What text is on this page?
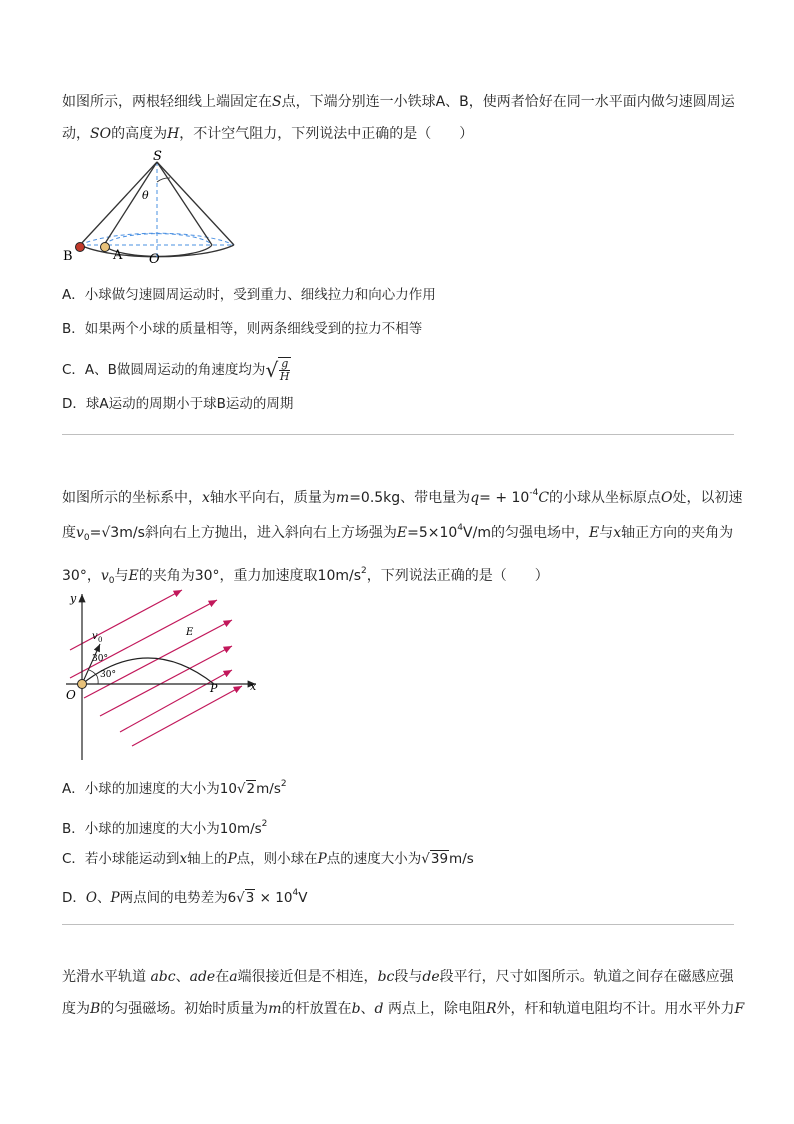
如图所示，两根轻细线上端固定在S点，下端分别连一小铁球A、B，使两者恰好在同一水平面内做匀速圆周运
动，SO的高度为H，不计空气阻力，下列说法中正确的是（　　）
S
θ
B	A O
A．小球做匀速圆周运动时，受到重力、细线拉力和向心力作用
B．如果两个小球的质量相等，则两条细线受到的拉力不相等
C．A、B做圆周运动的角速度均为√ $\frac{g}{H}$
D．球A运动的周期小于球B运动的周期
如图所示的坐标系中，x轴水平向右，质量为m=0.5kg、带电量为$q= + 10^{-4}C$的小球从坐标原点O处，以初速
度$v_0=√3m/s$斜向右上方抛出，进入斜向右上方场强为$E=5\times 10^4V/m$的匀强电场中，E与x轴正方向的夹角为
30°，$v_0$与E的夹角为30°，重力加速度取$10m/s^2$，下列说法正确的是（　　）
y
x
O	P
E
v 0
30°
30°
A．小球的加速度的大小为$10√2m/s^2$
B．小球的加速度的大小为$10m/s^2$
C．若小球能运动到x轴上的P点，则小球在P点的速度大小为√39m/s
D．O、P两点间的电势差为$6√3 \times 10^4V$
光滑水平轨道 abc、ade在a端很接近但是不相连，bc段与de段平行，尺寸如图所示。轨道之间存在磁感应强
度为B的匀强磁场。初始时质量为m的杆放置在b、d 两点上，除电阻R外，杆和轨道电阻均不计。用水平外力F
